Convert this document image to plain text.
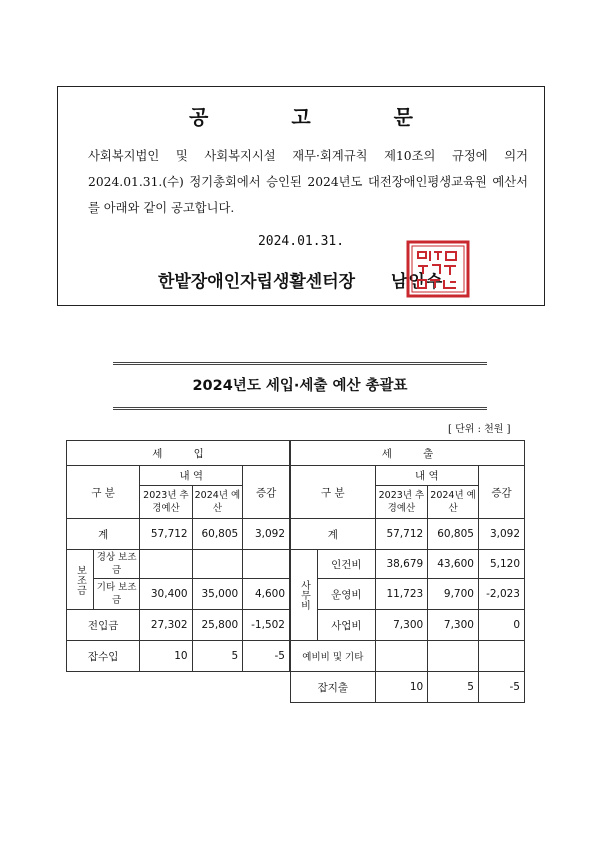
공 고 문
사회복지법인 및 사회복지시설 재무·회계규칙 제10조의 규정에 의거 2024.01.31.(수) 정기총회에서 승인된 2024년도 대전장애인평생교육원 예산서를 아래와 같이 공고합니다.
2024.01.31.
한밭장애인자립생활센터장 남인수
2024년도 세입·세출 예산 총괄표
[ 단위 : 천원 ]
세 입				
구 분		내 역		증감
		2023년 추경예산	2024년 예산	
계		57,712	60,805	3,092
보조금	경상 보조금			
	기타 보조금	30,400	35,000	4,600
전입금		27,302	25,800	-1,502
잡수입		10	5	-5
세 출				
구 분		내 역		증감
		2023년 추경예산	2024년 예산	
계		57,712	60,805	3,092
사무비	인건비	38,679	43,600	5,120
	운영비	11,723	9,700	-2,023
	사업비	7,300	7,300	0
예비비 및 기타				
잡지출		10	5	-5
